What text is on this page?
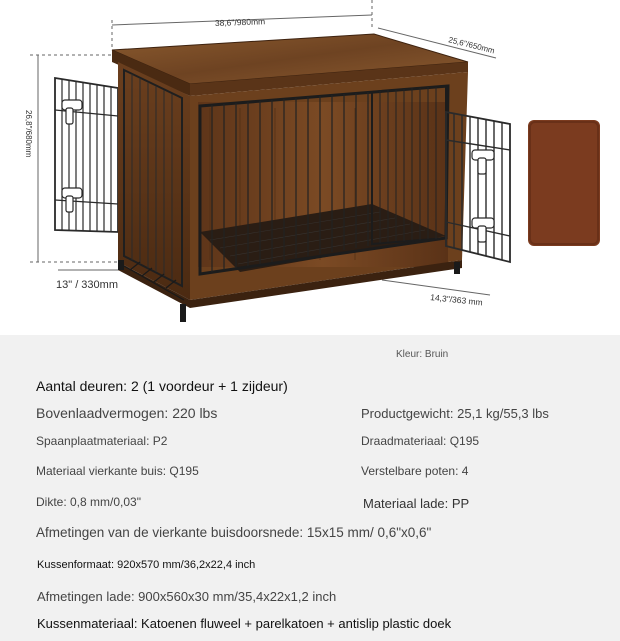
38,6"/980mm
25,6"/650mm
26,8"/680mm
13" / 330mm
14,3"/363 mm
Kleur: Bruin
Aantal deuren: 2 (1 voordeur + 1 zijdeur)
Bovenlaadvermogen: 220 lbs	Productgewicht: 25,1 kg/55,3 lbs
Spaanplaatmateriaal: P2	Draadmateriaal: Q195
Materiaal vierkante buis: Q195	Verstelbare poten: 4
Dikte: 0,8 mm/0,03"	Materiaal lade: PP
Afmetingen van de vierkante buisdoorsnede: 15x15 mm/ 0,6"x0,6"
Kussenformaat: 920x570 mm/36,2x22,4 inch
Afmetingen lade: 900x560x30 mm/35,4x22x1,2 inch
Kussenmateriaal: Katoenen fluweel + parelkatoen + antislip plastic doek
